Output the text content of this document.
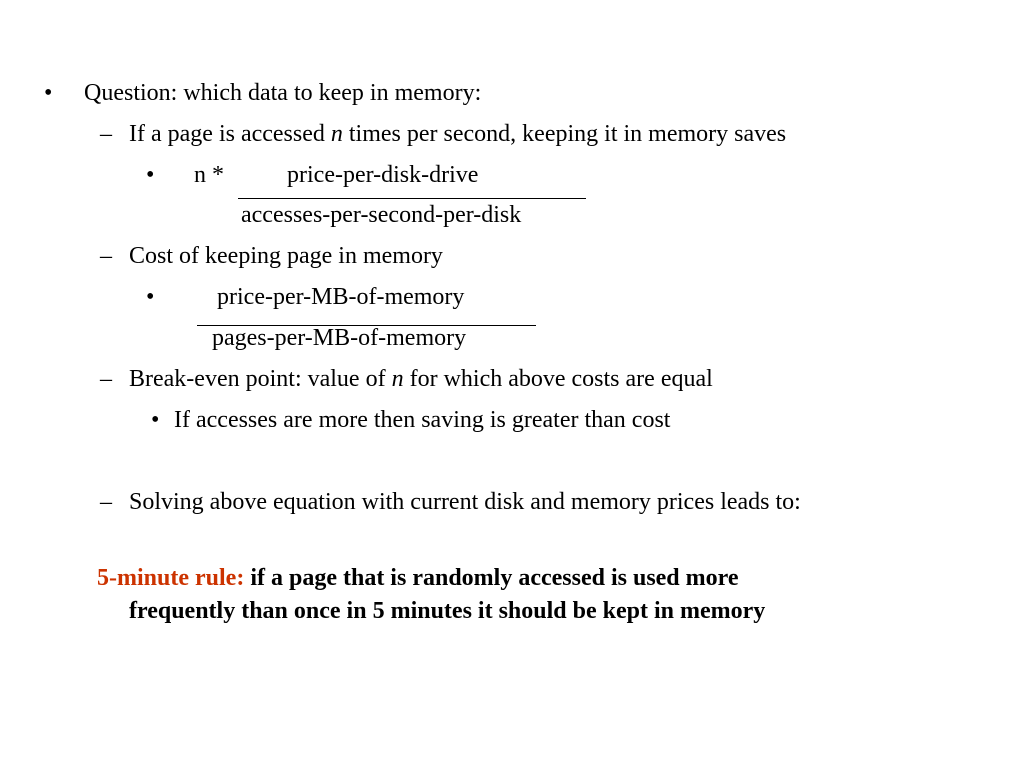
• Question: which data to keep in memory:
– If a page is accessed n times per second, keeping it in memory saves
• n *	price-per-disk-drive
accesses-per-second-per-disk
– Cost of keeping page in memory
•	price-per-MB-of-memory
pages-per-MB-of-memory
– Break-even point: value of n for which above costs are equal
• If accesses are more then saving is greater than cost
– Solving above equation with current disk and memory prices leads to:
5-minute rule: if a page that is randomly accessed is used more
frequently than once in 5 minutes it should be kept in memory
